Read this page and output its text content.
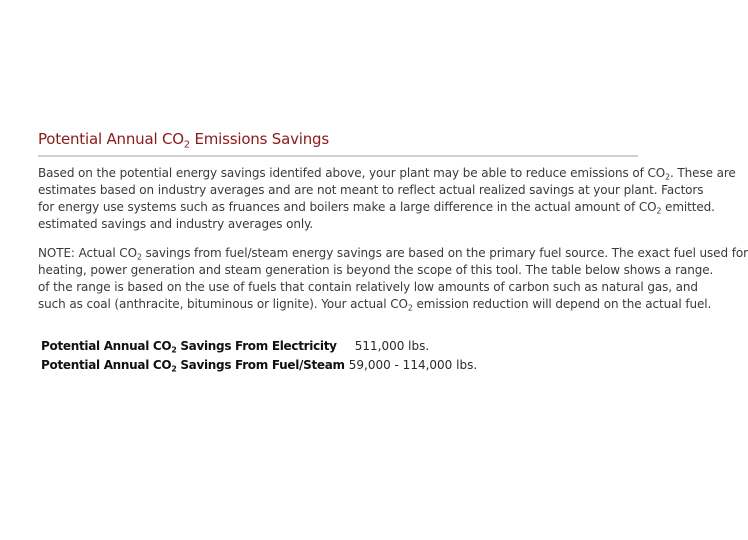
Potential Annual $CO_2$ Emissions Savings

Based on the potential energy savings identifed above, your plant may be able to reduce emissions of $CO_2$. These are

estimates based on industry averages and are not meant to reflect actual realized savings at your plant. Factors

for energy use systems such as fruances and boilers make a large difference in the actual amount of $CO_2$ emitted.

estimated savings and industry averages only.

NOTE: Actual $CO_2$ savings from fuel/steam energy savings are based on the primary fuel source. The exact fuel used for

heating, power generation and steam generation is beyond the scope of this tool. The table below shows a range.

of the range is based on the use of fuels that contain relatively low amounts of carbon such as natural gas, and

such as coal (anthracite, bituminous or lignite). Your actual $CO_2$ emission reduction will depend on the actual fuel.

Potential Annual $CO_2$ Savings From Electricity	511,000 lbs.
Potential Annual $CO_2$ Savings From Fuel/Steam	59,000 - 114,000 lbs.
